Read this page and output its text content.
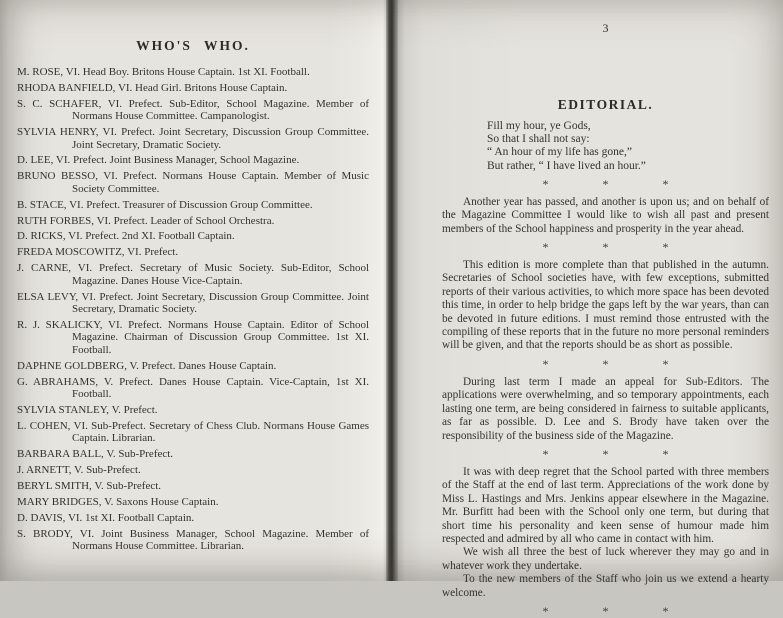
WHO'S WHO.

M. ROSE, VI. Head Boy. Britons House Captain. 1st XI. Football.

RHODA BANFIELD, VI. Head Girl. Britons House Captain.

S. C. SCHAFER, VI. Prefect. Sub-Editor, School Magazine. Member of Normans House Committee. Campanologist.

SYLVIA HENRY, VI. Prefect. Joint Secretary, Discussion Group Committee. Joint Secretary, Dramatic Society.

D. LEE, VI. Prefect. Joint Business Manager, School Magazine.

BRUNO BESSO, VI. Prefect. Normans House Captain. Member of Music Society Committee.

B. STACE, VI. Prefect. Treasurer of Discussion Group Committee.

RUTH FORBES, VI. Prefect. Leader of School Orchestra.

D. RICKS, VI. Prefect. 2nd XI. Football Captain.

FREDA MOSCOWITZ, VI. Prefect.

J. CARNE, VI. Prefect. Secretary of Music Society. Sub-Editor, School Magazine. Danes House Vice-Captain.

ELSA LEVY, VI. Prefect. Joint Secretary, Discussion Group Committee. Joint Secretary, Dramatic Society.

R. J. SKALICKY, VI. Prefect. Normans House Captain. Editor of School Magazine. Chairman of Discussion Group Committee. 1st XI. Football.

DAPHNE GOLDBERG, V. Prefect. Danes House Captain.

G. ABRAHAMS, V. Prefect. Danes House Captain. Vice-Captain, 1st XI. Football.

SYLVIA STANLEY, V. Prefect.

L. COHEN, VI. Sub-Prefect. Secretary of Chess Club. Normans House Games Captain. Librarian.

BARBARA BALL, V. Sub-Prefect.

J. ARNETT, V. Sub-Prefect.

BERYL SMITH, V. Sub-Prefect.

MARY BRIDGES, V. Saxons House Captain.

D. DAVIS, VI. 1st XI. Football Captain.

S. BRODY, VI. Joint Business Manager, School Magazine. Member of Normans House Committee. Librarian.

3
EDITORIAL.
Fill my hour, ye Gods,
So that I shall not say:
“ An hour of my life has gone,”
But rather, “ I have lived an hour.”
*	*	*

Another year has passed, and another is upon us; and on behalf of the Magazine Committee I would like to wish all past and present members of the School happiness and prosperity in the year ahead.

*	*	*

This edition is more complete than that published in the autumn. Secretaries of School societies have, with few exceptions, submitted reports of their various activities, to which more space has been devoted this time, in order to help bridge the gaps left by the war years, than can be devoted in future editions. I must remind those entrusted with the compiling of these reports that in the future no more personal reminders will be given, and that the reports should be as short as possible.

*	*	*

During last term I made an appeal for Sub-Editors. The applications were overwhelming, and so temporary appointments, each lasting one term, are being considered in fairness to suitable applicants, as far as possible. D. Lee and S. Brody have taken over the responsibility of the business side of the Magazine.

*	*	*

It was with deep regret that the School parted with three members of the Staff at the end of last term. Appreciations of the work done by Miss L. Hastings and Mrs. Jenkins appear elsewhere in the Magazine. Mr. Burfitt had been with the School only one term, but during that short time his personality and keen sense of humour made him respected and admired by all who came in contact with him.

We wish all three the best of luck wherever they may go and in whatever work they undertake.

To the new members of the Staff who join us we extend a hearty welcome.

*	*	*
